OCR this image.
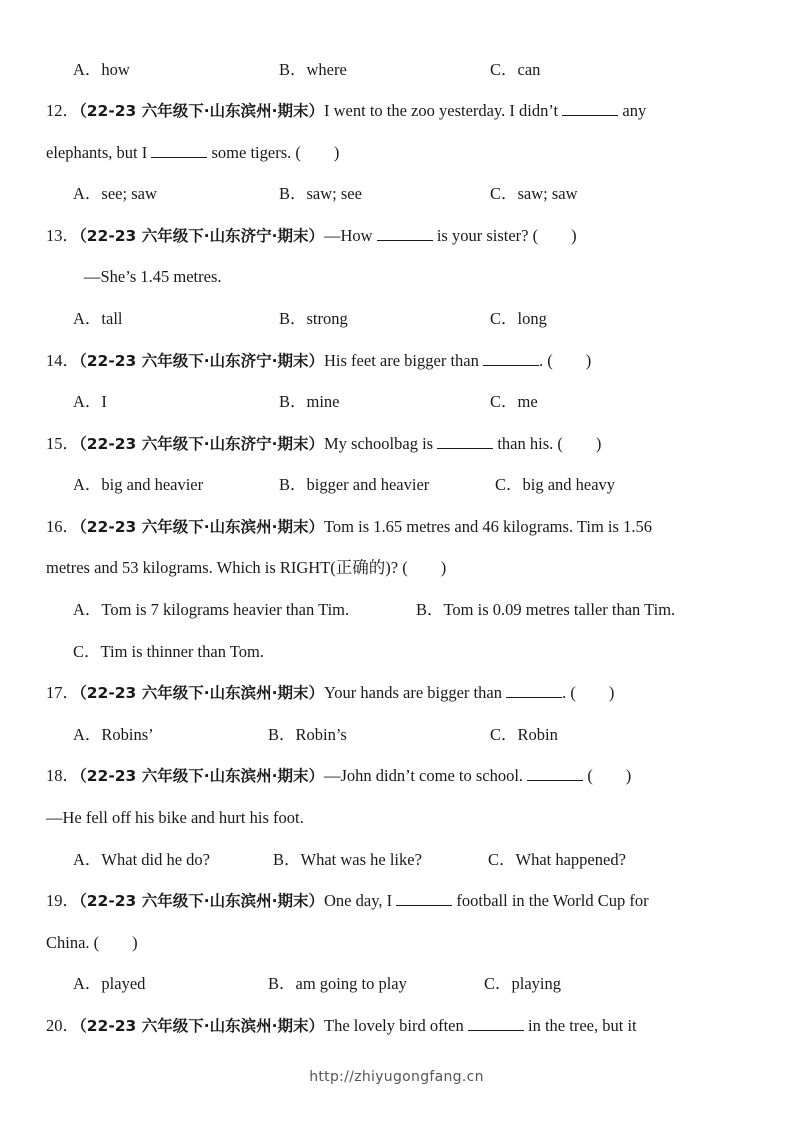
A．how	B．where	C．can
12．（22-23 六年级下·山东滨州·期末）I went to the zoo yesterday. I didn’t	any
elephants, but I	some tigers. (　　)
A．see; saw	B．saw; see	C．saw; saw
13．（22-23 六年级下·山东济宁·期末）—How	is your sister? (　　)
—She’s 1.45 metres.
A．tall	B．strong	C．long
14．（22-23 六年级下·山东济宁·期末）His feet are bigger than	. (　　)
A．I	B．mine	C．me
15．（22-23 六年级下·山东济宁·期末）My schoolbag is	than his. (　　)
A．big and heavier	B．bigger and heavier	C．big and heavy
16．（22-23 六年级下·山东滨州·期末）Tom is 1.65 metres and 46 kilograms. Tim is 1.56
metres and 53 kilograms. Which is RIGHT(正确的)? (　　)
A．Tom is 7 kilograms heavier than Tim.	B．Tom is 0.09 metres taller than Tim.
C．Tim is thinner than Tom.
17．（22-23 六年级下·山东滨州·期末）Your hands are bigger than	. (　　)
A．Robins’	B．Robin’s	C．Robin
18．（22-23 六年级下·山东滨州·期末）—John didn’t come to school.	(　　)
—He fell off his bike and hurt his foot.
A．What did he do?	B．What was he like?	C．What happened?
19．（22-23 六年级下·山东滨州·期末）One day, I	football in the World Cup for
China. (　　)
A．played	B．am going to play	C．playing
20．（22-23 六年级下·山东滨州·期末）The lovely bird often	in the tree, but it
http://zhiyugongfang.cn
